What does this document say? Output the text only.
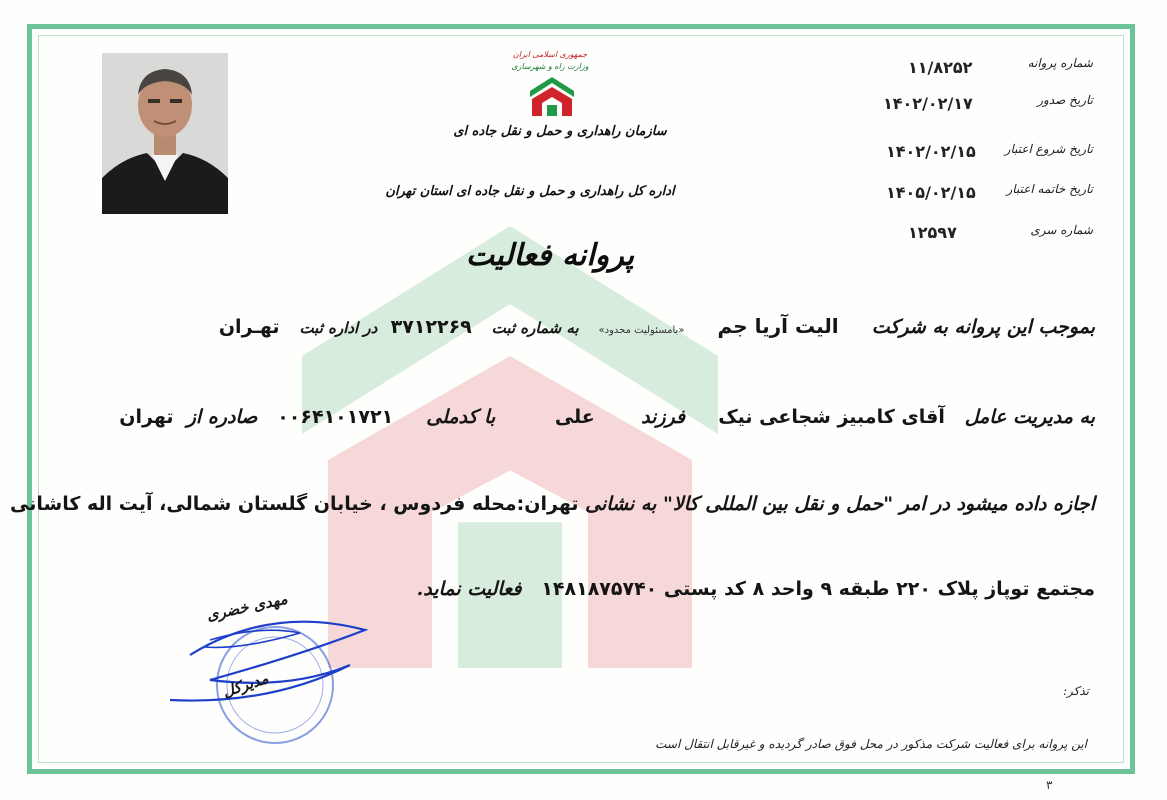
جمهوری اسلامی ایران
وزارت راه و شهرسازی
سازمان راهداری و حمل و نقل جاده ای
اداره کل راهداری و حمل و نقل جاده ای استان تهران
شماره پروانه
۱۱/۸۲۵۲
تاریخ صدور
۱۴۰۲/۰۲/۱۷
تاریخ شروع اعتبار
۱۴۰۲/۰۲/۱۵
تاریخ خاتمه اعتبار
۱۴۰۵/۰۲/۱۵
شماره سری
۱۲۵۹۷
پروانه فعالیت
بموجب این پروانه به شرکت     الیت آریا جم     «بامسئولیت محدود»   به شماره ثبت   ۳۷۱۲۲۶۹  در اداره ثبت   تهـران
به مدیریت عامل   آقای کامبیز شجاعی نیک     فرزند       علی         با کدملی     ۰۰۶۴۱۰۱۷۲۱   صادره از  تهران
اجازه داده میشود در امر "حمل و نقل بین المللی کالا" به نشانی تهران:محله فردوس ، خیابان گلستان شمالی، آیت اله کاشانی
مجتمع توپاز پلاک ۲۲۰ طبقه ۹ واحد ۸ کد پستی ۱۴۸۱۸۷۵۷۴۰   فعالیت نماید.
مهدی خضری
مدیرکل	تذکر:
این پروانه برای فعالیت شرکت مذکور در محل فوق صادر گردیده و غیرقابل انتقال است
۳
